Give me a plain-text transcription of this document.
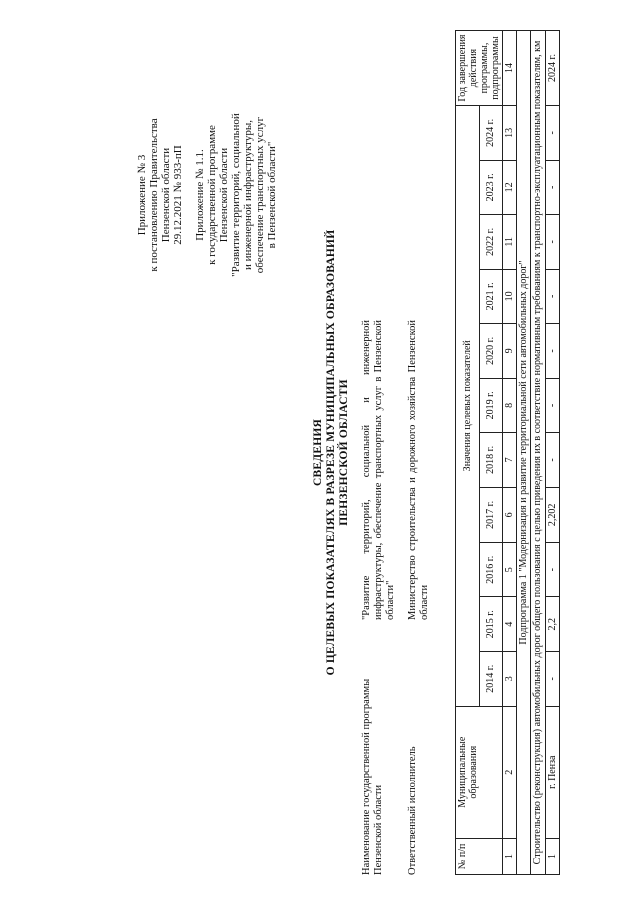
Приложение № 3 к постановлению Правительства Пензенской области 29.12.2021 № 933-пП Приложение № 1.1. к государственной программе Пензенской области "Развитие территорий, социальной и инженерной инфраструктуры, обеспечение транспортных услуг в Пензенской области"
СВЕДЕНИЯ О ЦЕЛЕВЫХ ПОКАЗАТЕЛЯХ В РАЗРЕЗЕ МУНИЦИПАЛЬНЫХ ОБРАЗОВАНИЙ ПЕНЗЕНСКОЙ ОБЛАСТИ
Наименование государственной программы Пензенской области
"Развитие территорий, социальной и инженерной инфраструктуры, обеспечение транспортных услуг в Пензенской области"
Ответственный исполнитель
Министерство строительства и дорожного хозяйства Пензенской области
№ п/п	Муниципальные образования	Значения целевых показателей											Год завершения действия программы, подпрограммы
		2014 г.	2015 г.	2016 г.	2017 г.	2018 г.	2019 г.	2020 г.	2021 г.	2022 г.	2023 г.	2024 г.	
1	2	3	4	5	6	7	8	9	10	11	12	13	14
Подпрограмма 1 "Модернизация и развитие территориальной сети автомобильных дорог"													
Строительство (реконструкция) автомобильных дорог общего пользования с целью приведения их в соответствие нормативным требованиям к транспортно-эксплуатационным показателям, км													
1	г. Пенза	-	2,2	-	2,202	-	-	-	-	-	-	-	2024 г.
